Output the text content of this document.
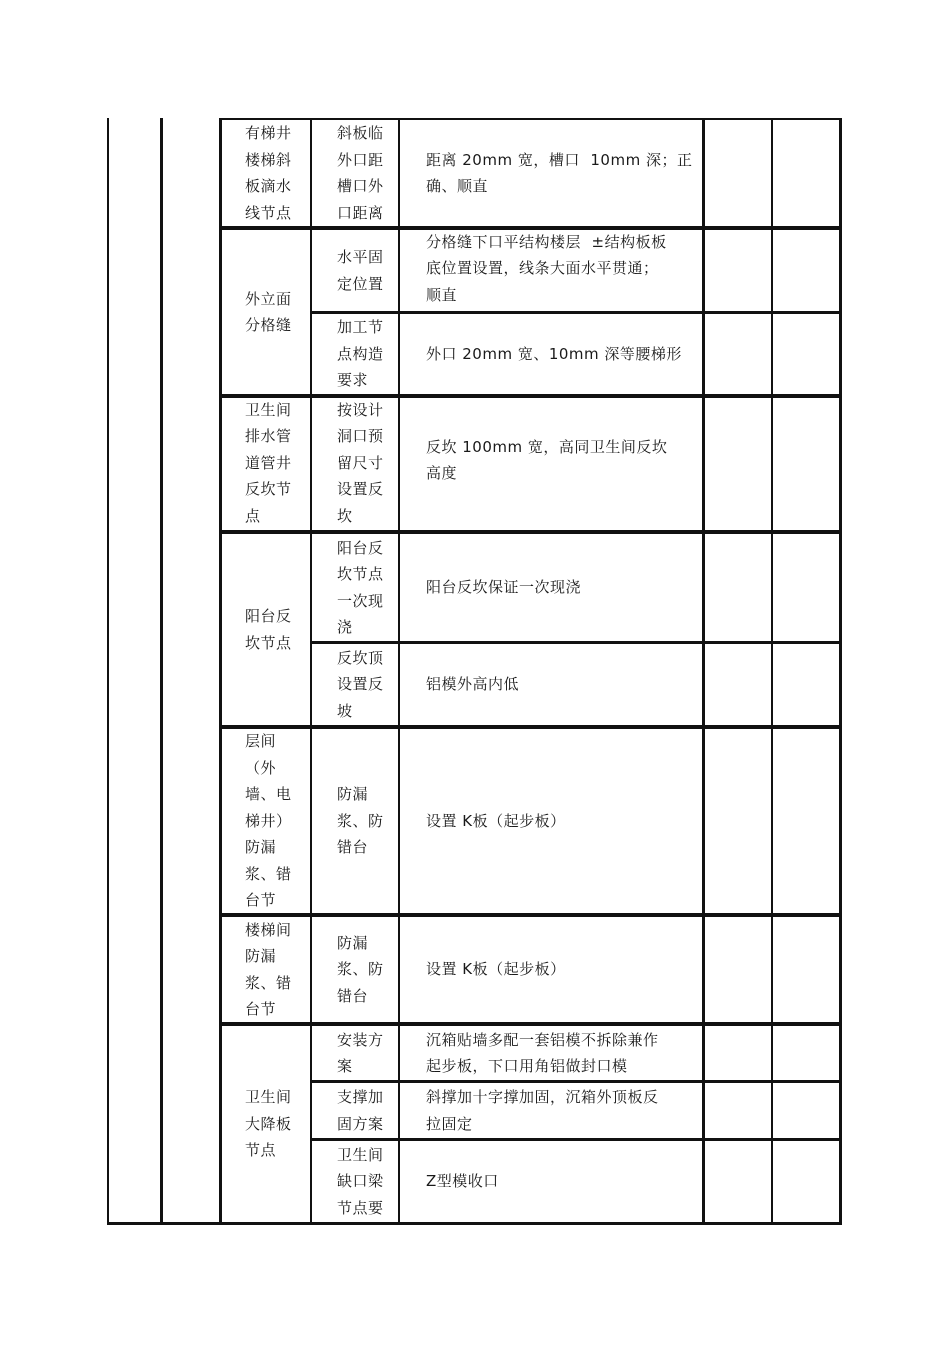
有梯井
楼梯斜
板滴水
线节点
斜板临
外口距
槽口外
口距离
距离 20mm 宽，槽口  10mm 深；正
确、顺直
外立面
分格缝
水平固
定位置
分格缝下口平结构楼层  ±结构板板
底位置设置，线条大面水平贯通；
顺直
加工节
点构造
要求
外口 20mm 宽、10mm 深等腰梯形
卫生间
排水管
道管井
反坎节
点
按设计
洞口预
留尺寸
设置反
坎
反坎 100mm 宽，高同卫生间反坎
高度
阳台反
坎节点
阳台反
坎节点
一次现
浇
阳台反坎保证一次现浇
反坎顶
设置反
坡
铝模外高内低
层间
（外
墙、电
梯井）
防漏
浆、错
台节
防漏
浆、防
错台
设置 K板（起步板）
楼梯间
防漏
浆、错
台节
防漏
浆、防
错台
设置 K板（起步板）
卫生间
大降板
节点
安装方
案
沉箱贴墙多配一套铝模不拆除兼作
起步板，下口用角铝做封口模
支撑加
固方案
斜撑加十字撑加固，沉箱外顶板反
拉固定
卫生间
缺口梁
节点要
Z型模收口
